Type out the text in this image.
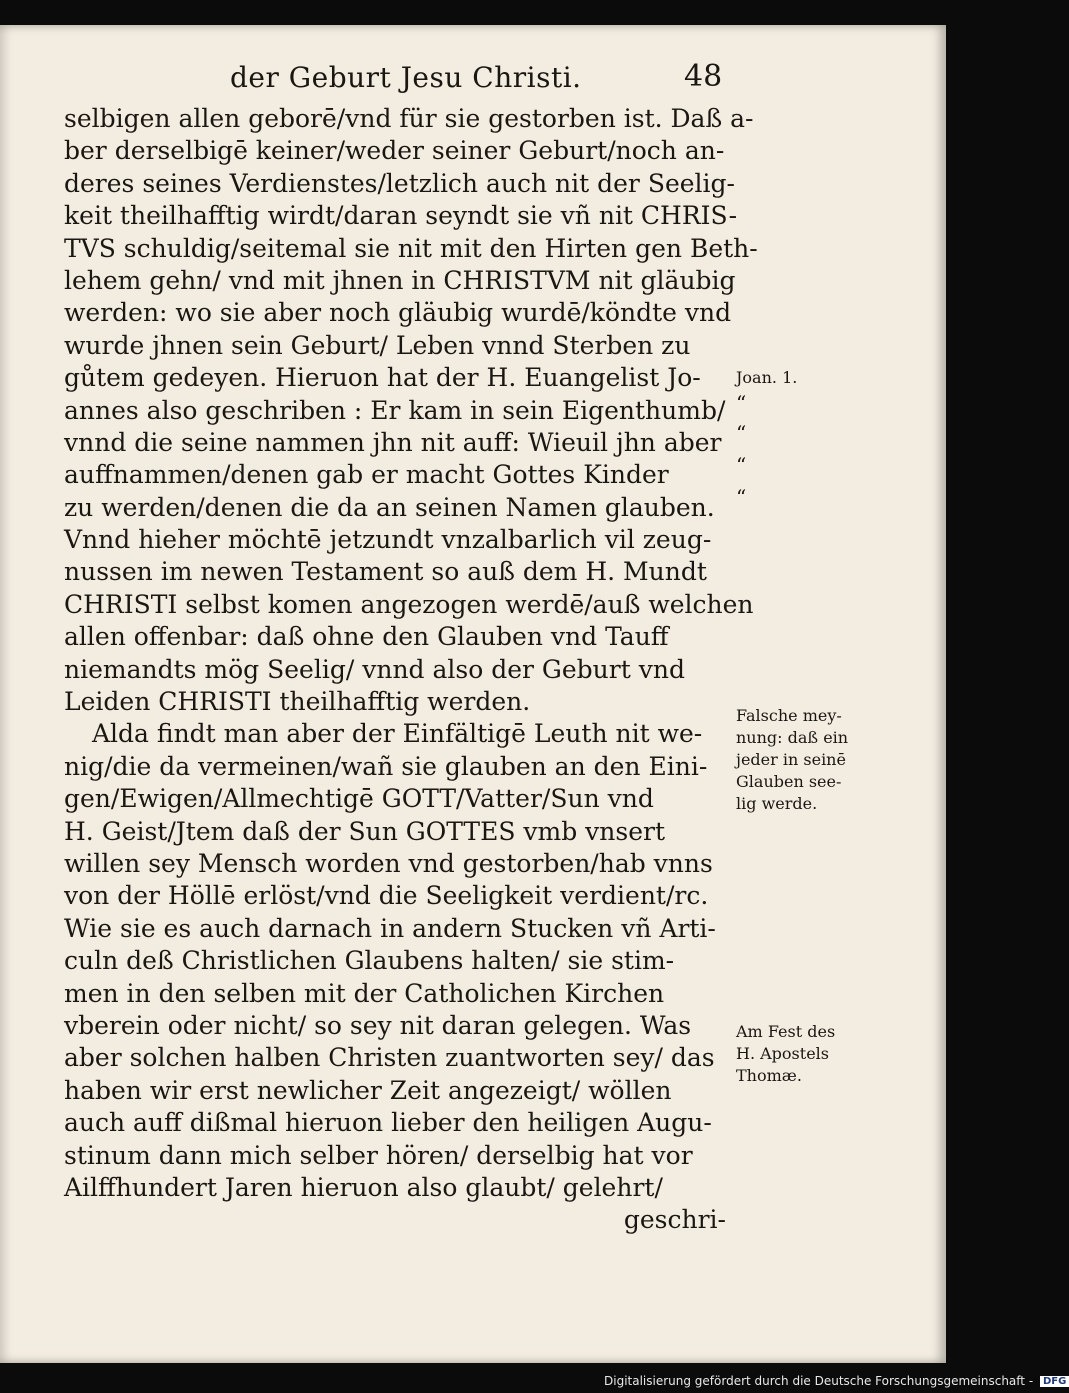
der Geburt Jesu Christi.	48
selbigen allen geborē/vnd für sie gestorben ist. Daß a-
ber derselbigē keiner/weder seiner Geburt/noch an-
deres seines Verdienstes/letzlich auch nit der Seelig-
keit theilhafftig wirdt/daran seyndt sie vñ nit CHRIS-
TVS schuldig/seitemal sie nit mit den Hirten gen Beth-
lehem gehn/ vnd mit jhnen in CHRISTVM nit gläubig
werden: wo sie aber noch gläubig wurdē/köndte vnd
wurde jhnen sein Geburt/ Leben vnnd Sterben zu
gůtem gedeyen. Hieruon hat der H. Euangelist Jo-
annes also geschriben : Er kam in sein Eigenthumb/
vnnd die seine nammen jhn nit auff: Wieuil jhn aber
auffnammen/denen gab er macht Gottes Kinder
zu werden/denen die da an seinen Namen glauben.
Vnnd hieher möchtē jetzundt vnzalbarlich vil zeug-
nussen im newen Testament so auß dem H. Mundt
CHRISTI selbst komen angezogen werdē/auß welchen
allen offenbar: daß ohne den Glauben vnd Tauff
niemandts mög Seelig/ vnnd also der Geburt vnd
Leiden CHRISTI theilhafftig werden.
Alda findt man aber der Einfältigē Leuth nit we-
nig/die da vermeinen/wañ sie glauben an den Eini-
gen/Ewigen/Allmechtigē GOTT/Vatter/Sun vnd
H. Geist/Jtem daß der Sun GOTTES vmb vnsert
willen sey Mensch worden vnd gestorben/hab vnns
von der Höllē erlöst/vnd die Seeligkeit verdient/rc.
Wie sie es auch darnach in andern Stucken vñ Arti-
culn deß Christlichen Glaubens halten/ sie stim-
men in den selben mit der Catholichen Kirchen
vberein oder nicht/ so sey nit daran gelegen. Was
aber solchen halben Christen zuantworten sey/ das
haben wir erst newlicher Zeit angezeigt/ wöllen
auch auff dißmal hieruon lieber den heiligen Augu-
stinum dann mich selber hören/ derselbig hat vor
Ailffhundert Jaren hieruon also glaubt/ gelehrt/
geschri-
Joan. 1.
“
“
“
“
Falsche mey-
nung: daß ein
jeder in seinē
Glauben see-
lig werde.
Am Fest des
H. Apostels
Thomæ.
Digitalisierung gefördert durch die Deutsche Forschungsgemeinschaft - DFG
